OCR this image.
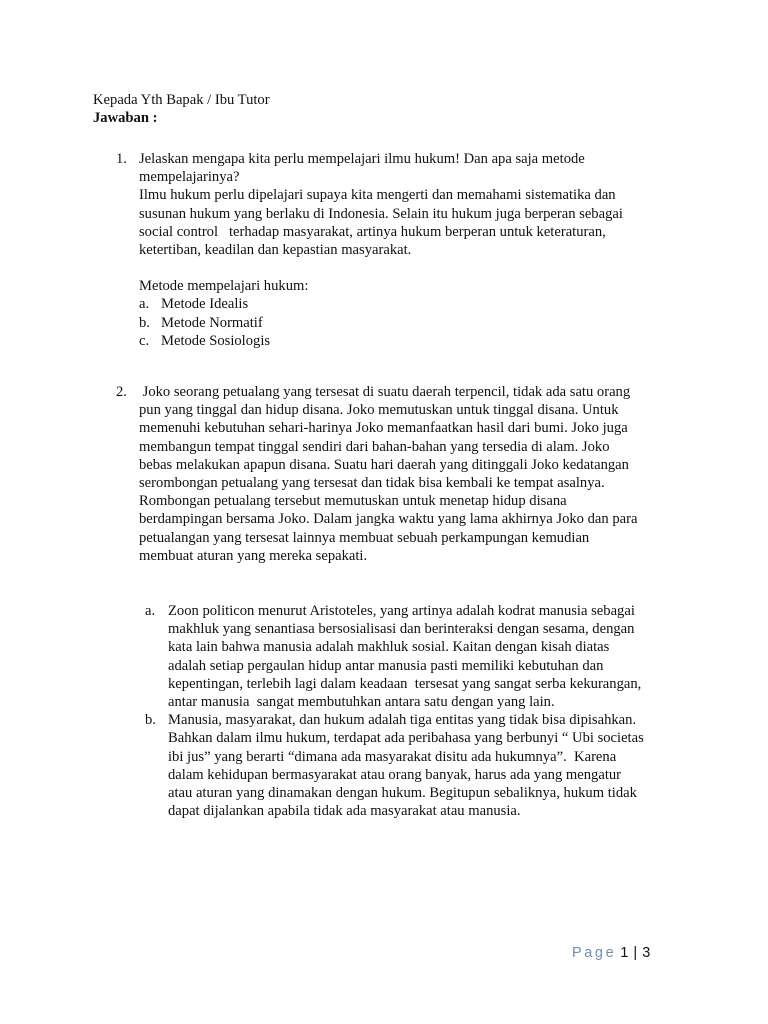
Kepada Yth Bapak / Ibu Tutor
Jawaban :
1. Jelaskan mengapa kita perlu mempelajari ilmu hukum! Dan apa saja metode
mempelajarinya?
Ilmu hukum perlu dipelajari supaya kita mengerti dan memahami sistematika dan
susunan hukum yang berlaku di Indonesia. Selain itu hukum juga berperan sebagai
social control   terhadap masyarakat, artinya hukum berperan untuk keteraturan,
ketertiban, keadilan dan kepastian masyarakat.
Metode mempelajari hukum:
a. Metode Idealis
b. Metode Normatif
c. Metode Sosiologis
2. Joko seorang petualang yang tersesat di suatu daerah terpencil, tidak ada satu orang
pun yang tinggal dan hidup disana. Joko memutuskan untuk tinggal disana. Untuk
memenuhi kebutuhan sehari-harinya Joko memanfaatkan hasil dari bumi. Joko juga
membangun tempat tinggal sendiri dari bahan-bahan yang tersedia di alam. Joko
bebas melakukan apapun disana. Suatu hari daerah yang ditinggali Joko kedatangan
serombongan petualang yang tersesat dan tidak bisa kembali ke tempat asalnya.
Rombongan petualang tersebut memutuskan untuk menetap hidup disana
berdampingan bersama Joko. Dalam jangka waktu yang lama akhirnya Joko dan para
petualangan yang tersesat lainnya membuat sebuah perkampungan kemudian
membuat aturan yang mereka sepakati.
a. Zoon politicon menurut Aristoteles, yang artinya adalah kodrat manusia sebagai
makhluk yang senantiasa bersosialisasi dan berinteraksi dengan sesama, dengan
kata lain bahwa manusia adalah makhluk sosial. Kaitan dengan kisah diatas
adalah setiap pergaulan hidup antar manusia pasti memiliki kebutuhan dan
kepentingan, terlebih lagi dalam keadaan  tersesat yang sangat serba kekurangan,
antar manusia  sangat membutuhkan antara satu dengan yang lain.
b. Manusia, masyarakat, dan hukum adalah tiga entitas yang tidak bisa dipisahkan.
Bahkan dalam ilmu hukum, terdapat ada peribahasa yang berbunyi “ Ubi societas
ibi jus” yang berarti “dimana ada masyarakat disitu ada hukumnya”.  Karena
dalam kehidupan bermasyarakat atau orang banyak, harus ada yang mengatur
atau aturan yang dinamakan dengan hukum. Begitupun sebaliknya, hukum tidak
dapat dijalankan apabila tidak ada masyarakat atau manusia.
Page 1 | 3
